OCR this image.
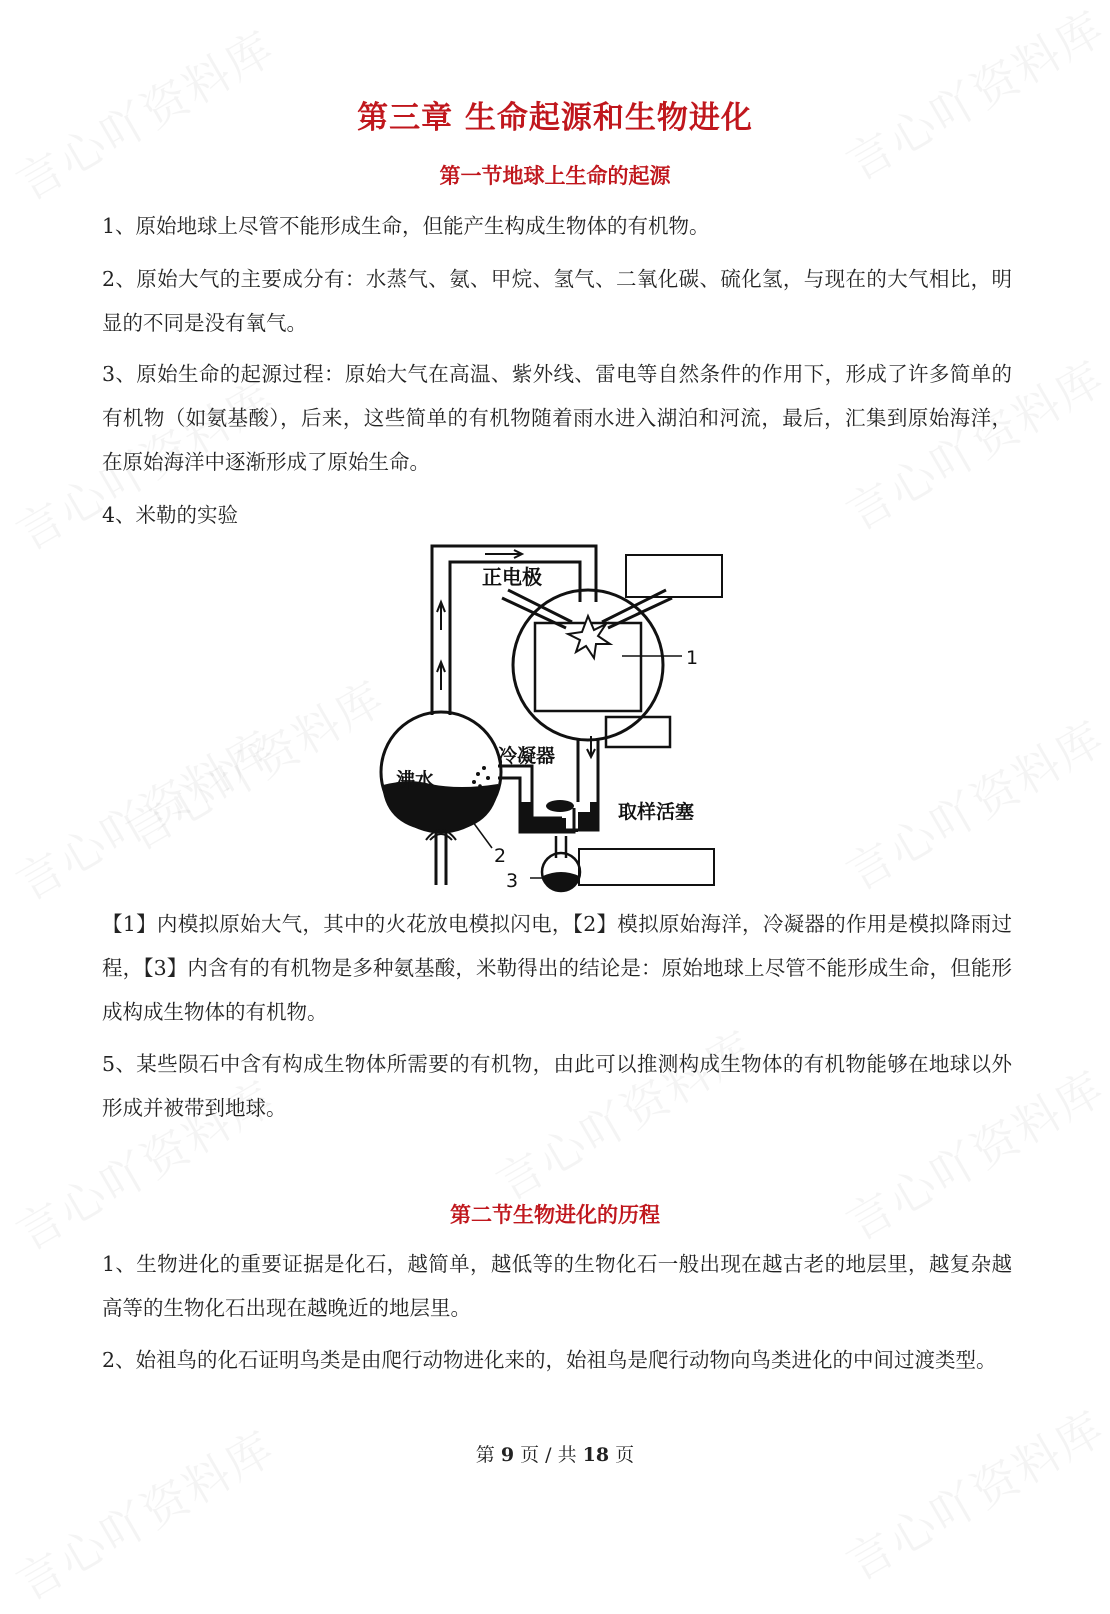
第三章 生命起源和生物进化
第一节地球上生命的起源
1、原始地球上尽管不能形成生命，但能产生构成生物体的有机物。
2、原始大气的主要成分有：水蒸气、氨、甲烷、氢气、二氧化碳、硫化氢，与现在的大气相比，明显的不同是没有氧气。
3、原始生命的起源过程：原始大气在高温、紫外线、雷电等自然条件的作用下，形成了许多简单的有机物（如氨基酸），后来，这些简单的有机物随着雨水进入湖泊和河流，最后，汇集到原始海洋，在原始海洋中逐渐形成了原始生命。
4、米勒的实验
正电极
冷凝器
沸水
取样活塞
1
2
3
【1】内模拟原始大气，其中的火花放电模拟闪电，【2】模拟原始海洋，冷凝器的作用是模拟降雨过程，【3】内含有的有机物是多种氨基酸，米勒得出的结论是：原始地球上尽管不能形成生命，但能形成构成生物体的有机物。
5、某些陨石中含有构成生物体所需要的有机物，由此可以推测构成生物体的有机物能够在地球以外形成并被带到地球。
第二节生物进化的历程
1、生物进化的重要证据是化石，越简单，越低等的生物化石一般出现在越古老的地层里，越复杂越高等的生物化石出现在越晚近的地层里。
2、始祖鸟的化石证明鸟类是由爬行动物进化来的，始祖鸟是爬行动物向鸟类进化的中间过渡类型。
第 9 页 / 共 18 页
